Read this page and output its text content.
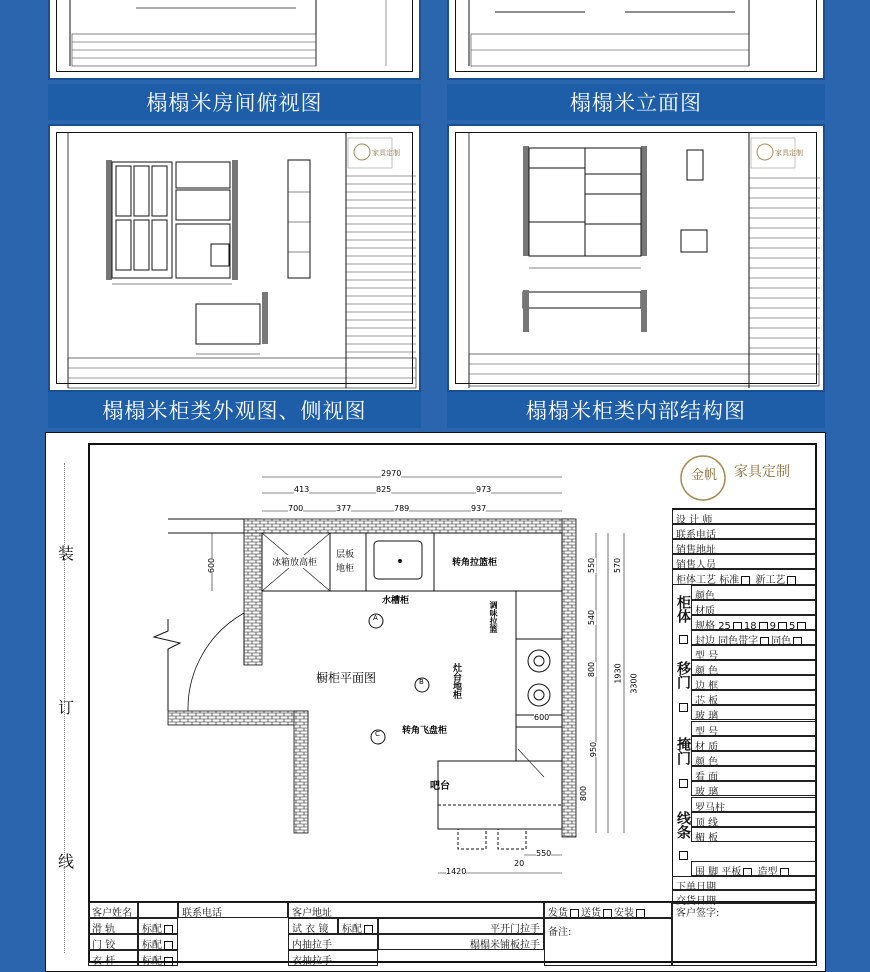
榻榻米房间俯视图	榻榻米立面图
家具定制
榻榻米柜类外观图、侧视图
家具定制
榻榻米柜类内部结构图
装
订
线
金帆 家具定制
橱柜平面图
2970
413	825	973
700	377	789	937
600	550 570
540
800 1930 3300
950
800
600
550
20
1420
冰箱放高柜
层板
地柜
转角拉篮柜
水槽柜	调味拉篮
灶台地柜
转角飞盘柜
吧台
A
B
C
设 计 师
联系电话
销售地址
销售人员
柜体工艺 标准 新工艺
柜体 颜色
材质
规格 25 18 9 5
封边 同色带字 同色
移门
掩门
线条
围 脚 平板 造型
下单日期
交货日期
型 号
颜 色
边 框
芯 板
玻 璃
型 号
材 质
颜 色
看 面
玻 璃
罗马柱
顶 线
楣 板
客户姓名	联系电话	客户地址
滑 轨	标配	试 衣 镜	标配	平开门拉手
门 铰	标配	内抽拉手	榻榻米铺板拉手
衣 杆	标配	衣抽拉手
发货 送货 安装
备注:
客户签字:
